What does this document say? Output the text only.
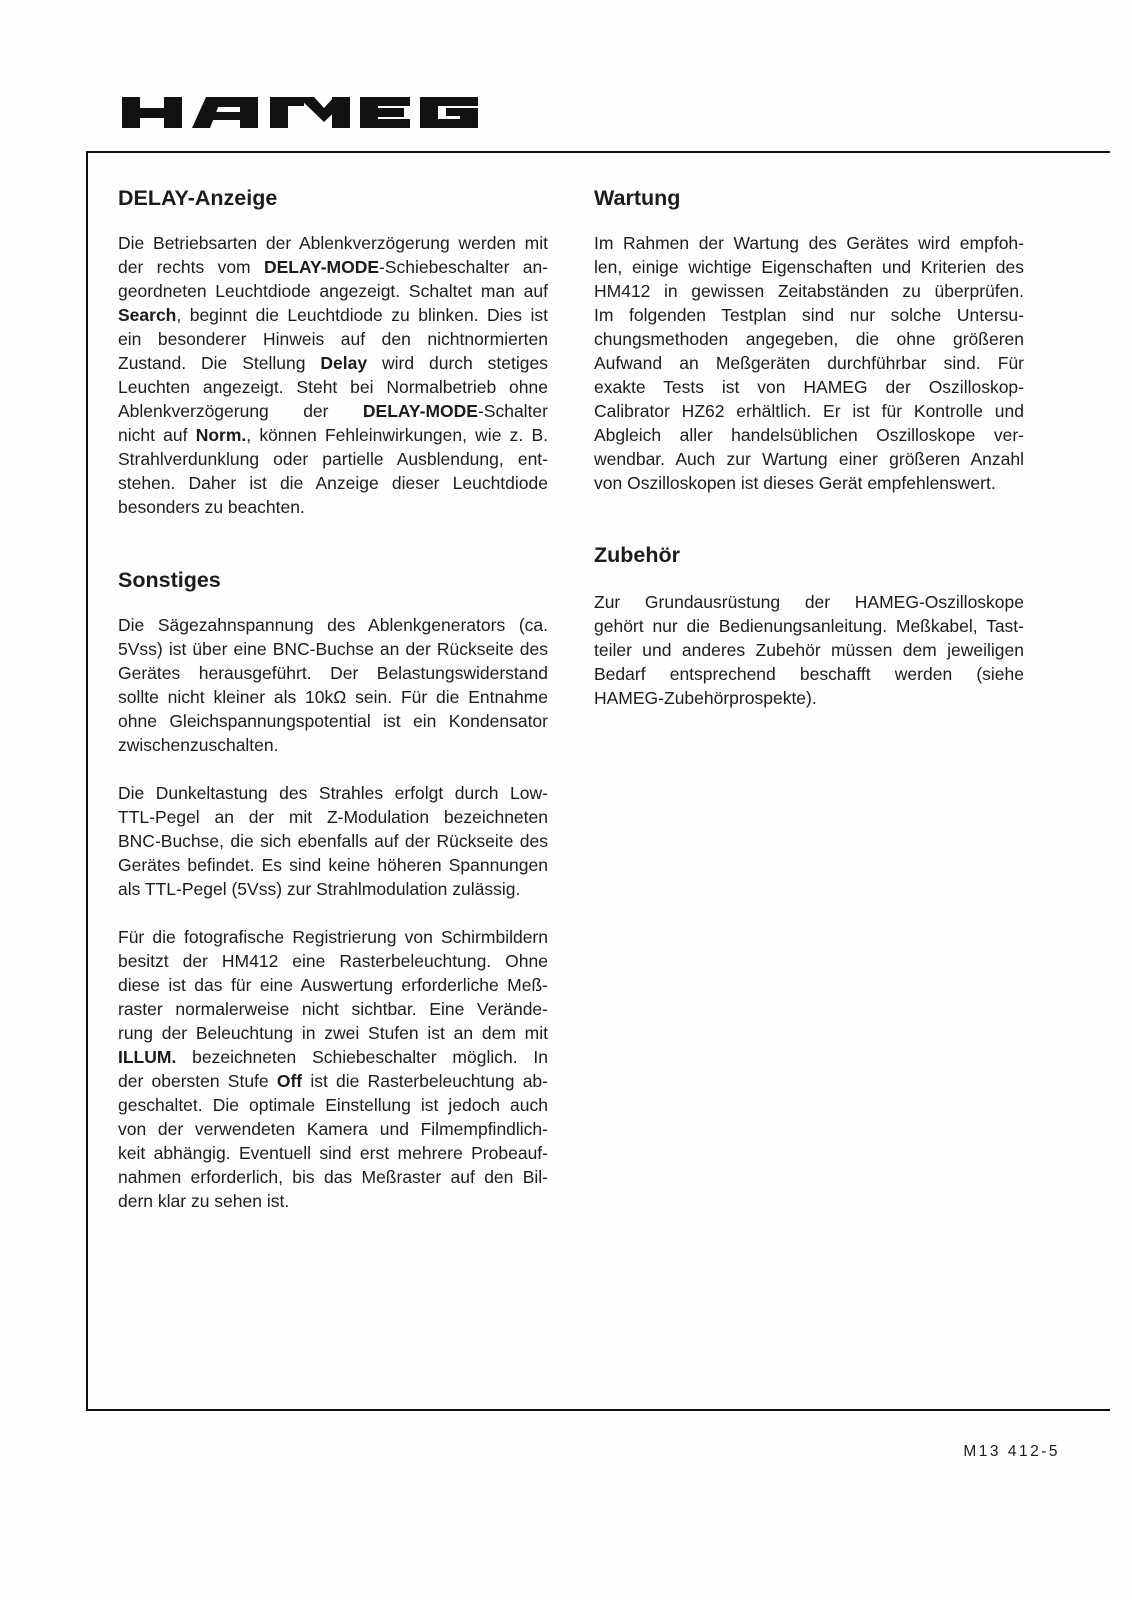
DELAY-Anzeige
Die Betriebsarten der Ablenkverzögerung werden mit
der rechts vom DELAY-MODE-Schiebeschalter an-
geordneten Leuchtdiode angezeigt. Schaltet man auf
Search, beginnt die Leuchtdiode zu blinken. Dies ist
ein besonderer Hinweis auf den nichtnormierten
Zustand. Die Stellung Delay wird durch stetiges
Leuchten angezeigt. Steht bei Normalbetrieb ohne
Ablenkverzögerung der DELAY-MODE-Schalter
nicht auf Norm., können Fehleinwirkungen, wie z. B.
Strahlverdunklung oder partielle Ausblendung, ent-
stehen. Daher ist die Anzeige dieser Leuchtdiode
besonders zu beachten.
Sonstiges
Die Sägezahnspannung des Ablenkgenerators (ca.
5Vss) ist über eine BNC-Buchse an der Rückseite des
Gerätes herausgeführt. Der Belastungswiderstand
sollte nicht kleiner als 10kΩ sein. Für die Entnahme
ohne Gleichspannungspotential ist ein Kondensator
zwischenzuschalten.
Die Dunkeltastung des Strahles erfolgt durch Low-
TTL-Pegel an der mit Z-Modulation bezeichneten
BNC-Buchse, die sich ebenfalls auf der Rückseite des
Gerätes befindet. Es sind keine höheren Spannungen
als TTL-Pegel (5Vss) zur Strahlmodulation zulässig.
Für die fotografische Registrierung von Schirmbildern
besitzt der HM412 eine Rasterbeleuchtung. Ohne
diese ist das für eine Auswertung erforderliche Meß-
raster normalerweise nicht sichtbar. Eine Verände-
rung der Beleuchtung in zwei Stufen ist an dem mit
ILLUM. bezeichneten Schiebeschalter möglich. In
der obersten Stufe Off ist die Rasterbeleuchtung ab-
geschaltet. Die optimale Einstellung ist jedoch auch
von der verwendeten Kamera und Filmempfindlich-
keit abhängig. Eventuell sind erst mehrere Probeauf-
nahmen erforderlich, bis das Meßraster auf den Bil-
dern klar zu sehen ist.
Wartung
Im Rahmen der Wartung des Gerätes wird empfoh-
len, einige wichtige Eigenschaften und Kriterien des
HM412 in gewissen Zeitabständen zu überprüfen.
Im folgenden Testplan sind nur solche Untersu-
chungsmethoden angegeben, die ohne größeren
Aufwand an Meßgeräten durchführbar sind. Für
exakte Tests ist von HAMEG der Oszilloskop-
Calibrator HZ62 erhältlich. Er ist für Kontrolle und
Abgleich aller handelsüblichen Oszilloskope ver-
wendbar. Auch zur Wartung einer größeren Anzahl
von Oszilloskopen ist dieses Gerät empfehlenswert.
Zubehör
Zur Grundausrüstung der HAMEG-Oszilloskope
gehört nur die Bedienungsanleitung. Meßkabel, Tast-
teiler und anderes Zubehör müssen dem jeweiligen
Bedarf entsprechend beschafft werden (siehe
HAMEG-Zubehörprospekte).
M13 412-5
